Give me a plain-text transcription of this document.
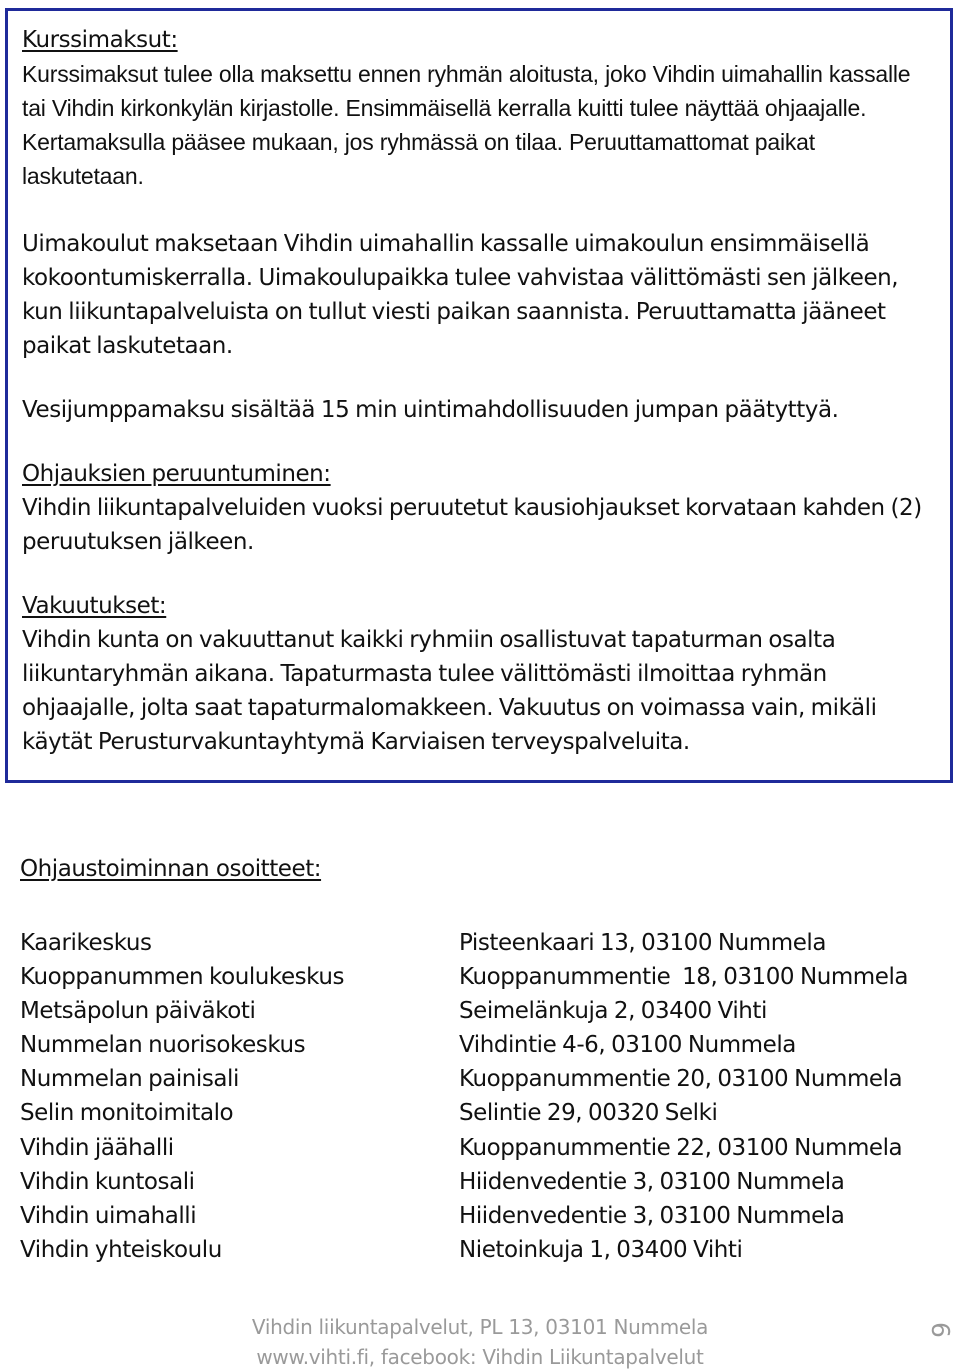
Kurssimaksut:
Kurssimaksut tulee olla maksettu ennen ryhmän aloitusta, joko Vihdin uimahallin kassalle tai Vihdin kirkonkylän kirjastolle. Ensimmäisellä kerralla kuitti tulee näyttää ohjaajalle. Kertamaksulla pääsee mukaan, jos ryhmässä on tilaa. Peruuttamattomat paikat laskutetaan.
Uimakoulut maksetaan Vihdin uimahallin kassalle uimakoulun ensimmäisellä kokoontumiskerralla. Uimakoulupaikka tulee vahvistaa välittömästi sen jälkeen, kun liikuntapalveluista on tullut viesti paikan saannista. Peruuttamatta jääneet paikat laskutetaan.
Vesijumppamaksu sisältää 15 min uintimahdollisuuden jumpan päätyttyä.
Ohjauksien peruuntuminen:
Vihdin liikuntapalveluiden vuoksi peruutetut kausiohjaukset korvataan kahden (2) peruutuksen jälkeen.
Vakuutukset:
Vihdin kunta on vakuuttanut kaikki ryhmiin osallistuvat tapaturman osalta liikuntaryhmän aikana. Tapaturmasta tulee välittömästi ilmoittaa ryhmän ohjaajalle, jolta saat tapaturmalomakkeen. Vakuutus on voimassa vain, mikäli käytät Perusturvakuntayhtymä Karviaisen terveyspalveluita.
Ohjaustoiminnan osoitteet:
Kaarikeskus	Pisteenkaari 13, 03100 Nummela
Kuoppanummen koulukeskus	Kuoppanummentie  18, 03100 Nummela
Metsäpolun päiväkoti	Seimelänkuja 2, 03400 Vihti
Nummelan nuorisokeskus	Vihdintie 4-6, 03100 Nummela
Nummelan painisali	Kuoppanummentie 20, 03100 Nummela
Selin monitoimitalo	Selintie 29, 00320 Selki
Vihdin jäähalli	Kuoppanummentie 22, 03100 Nummela
Vihdin kuntosali	Hiidenvedentie 3, 03100 Nummela
Vihdin uimahalli	Hiidenvedentie 3, 03100 Nummela
Vihdin yhteiskoulu	Nietoinkuja 1, 03400 Vihti
Vihdin liikuntapalvelut, PL 13, 03101 Nummela
www.vihti.fi, facebook: Vihdin Liikuntapalvelut
9
